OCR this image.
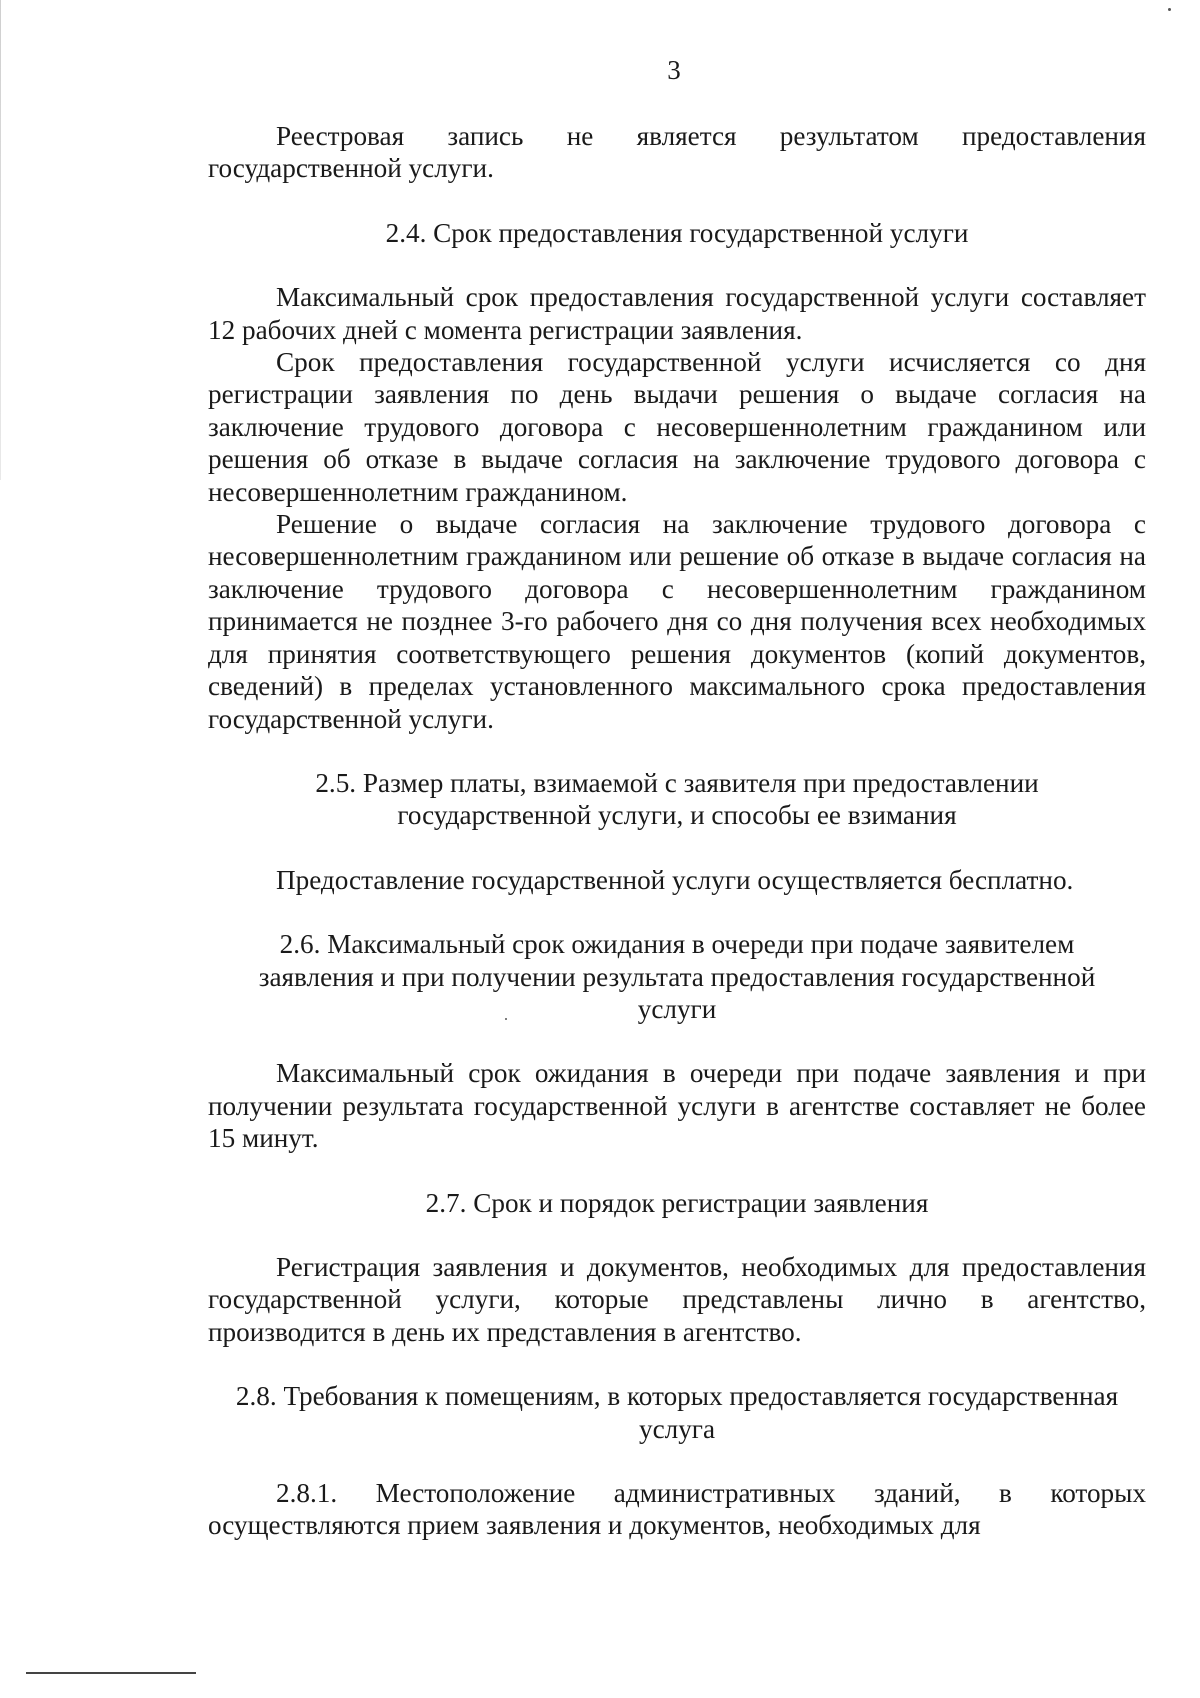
3

Реестровая запись не является результатом предоставления государственной услуги.

2.4. Срок предоставления государственной услуги

Максимальный срок предоставления государственной услуги составляет 12 рабочих дней с момента регистрации заявления.

Срок предоставления государственной услуги исчисляется со дня регистрации заявления по день выдачи решения о выдаче согласия на заключение трудового договора с несовершеннолетним гражданином или решения об отказе в выдаче согласия на заключение трудового договора с несовершеннолетним гражданином.

Решение о выдаче согласия на заключение трудового договора с несовершеннолетним гражданином или решение об отказе в выдаче согласия на заключение трудового договора с несовершеннолетним гражданином принимается не позднее 3-го рабочего дня со дня получения всех необходимых для принятия соответствующего решения документов (копий документов, сведений) в пределах установленного максимального срока предоставления государственной услуги.

2.5. Размер платы, взимаемой с заявителя при предоставлении государственной услуги, и способы ее взимания

Предоставление государственной услуги осуществляется бесплатно.

2.6. Максимальный срок ожидания в очереди при подаче заявителем заявления и при получении результата предоставления государственной услуги

Максимальный срок ожидания в очереди при подаче заявления и при получении результата государственной услуги в агентстве составляет не более 15 минут.

2.7. Срок и порядок регистрации заявления

Регистрация заявления и документов, необходимых для предоставления государственной услуги, которые представлены лично в агентство, производится в день их представления в агентство.

2.8. Требования к помещениям, в которых предоставляется государственная услуга

2.8.1. Местоположение административных зданий, в которых осуществляются прием заявления и документов, необходимых для
